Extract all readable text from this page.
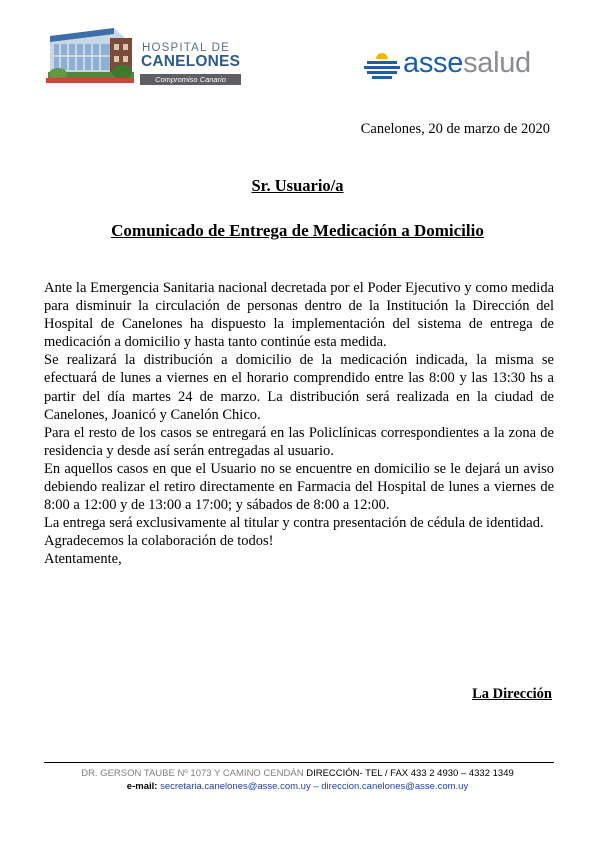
HOSPITAL DE
CANELONES
Compromiso Canario
assesalud
Canelones, 20 de marzo de 2020
Sr. Usuario/a
Comunicado de Entrega de Medicación a Domicilio

Ante la Emergencia Sanitaria nacional decretada por el Poder Ejecutivo y como medida para disminuir la circulación de personas dentro de la Institución la Dirección del Hospital de Canelones ha dispuesto la implementación del sistema de entrega de medicación a domicilio y hasta tanto continúe esta medida.

Se realizará la distribución a domicilio de la medicación indicada, la misma se efectuará de lunes a viernes en el horario comprendido entre las 8:00 y las 13:30 hs a partir del día martes 24 de marzo. La distribución será realizada en la ciudad de Canelones, Joanicó y Canelón Chico.

Para el resto de los casos se entregará en las Policlínicas correspondientes a la zona de residencia y desde así serán entregadas al usuario.

En aquellos casos en que el Usuario no se encuentre en domicilio se le dejará un aviso debiendo realizar el retiro directamente en Farmacia del Hospital de lunes a viernes de 8:00 a 12:00 y de 13:00 a 17:00; y sábados de 8:00 a 12:00.

La entrega será exclusivamente al titular y contra presentación de cédula de identidad.

Agradecemos la colaboración de todos!

Atentamente,

La Dirección
DR. GERSON TAUBE Nº 1073 Y CAMINO CENDÁN DIRECCIÓN- TEL / FAX 433 2 4930 – 4332 1349
e-mail: secretaria.canelones@asse.com.uy – direccion.canelones@asse.com.uy
